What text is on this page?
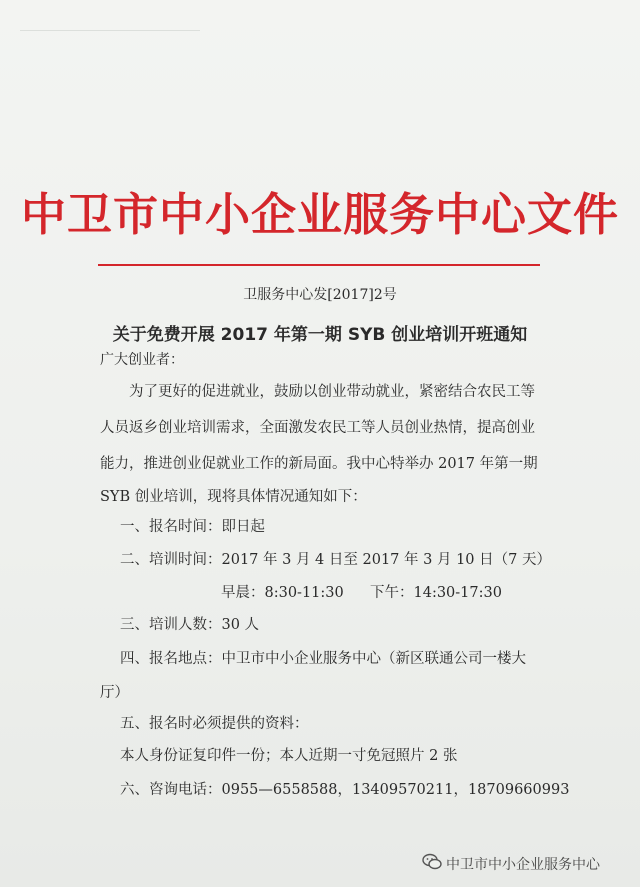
中卫市中小企业服务中心文件
卫服务中心发[2017]2号
关于免费开展 2017 年第一期 SYB 创业培训开班通知
广大创业者：
为了更好的促进就业，鼓励以创业带动就业，紧密结合农民工等
人员返乡创业培训需求，全面激发农民工等人员创业热情，提高创业
能力，推进创业促就业工作的新局面。我中心特举办 2017 年第一期
SYB 创业培训，现将具体情况通知如下：
一、报名时间：即日起
二、培训时间：2017 年 3 月 4 日至 2017 年 3 月 10 日（7 天）
早晨：8:30-11:30 下午：14:30-17:30
三、培训人数：30 人
四、报名地点：中卫市中小企业服务中心（新区联通公司一楼大
厅）
五、报名时必须提供的资料：
本人身份证复印件一份；本人近期一寸免冠照片 2 张
六、咨询电话：0955—6558588，13409570211，18709660993
中卫市中小企业服务中心
